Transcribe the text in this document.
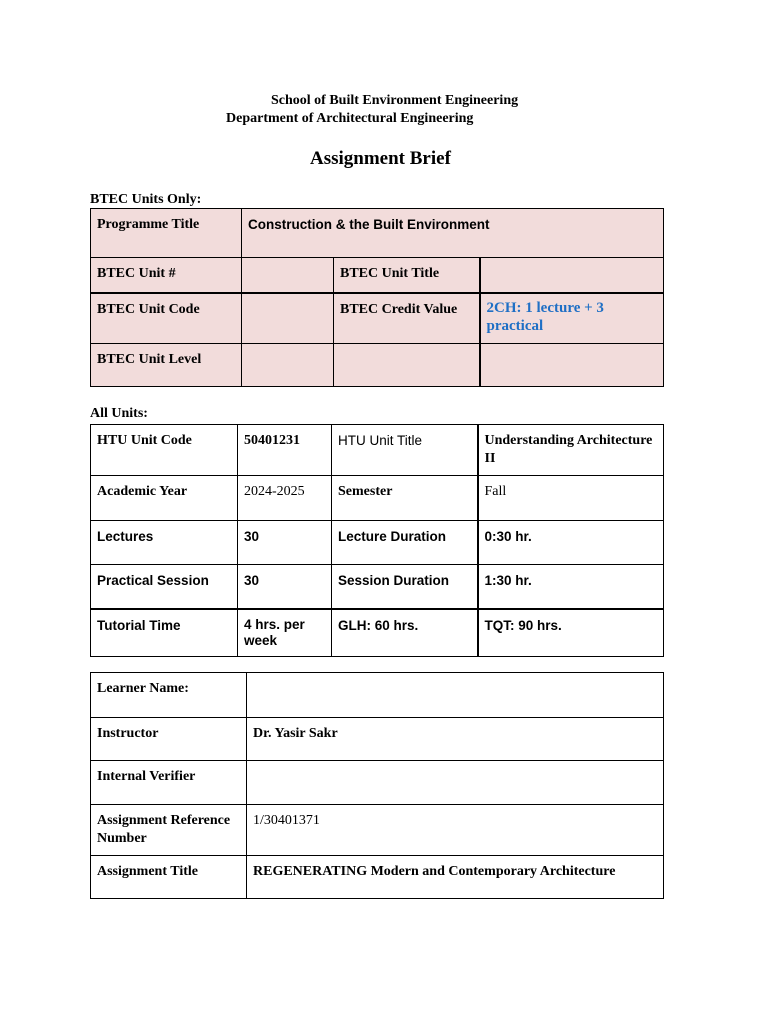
School of Built Environment Engineering
Department of Architectural Engineering
Assignment Brief
BTEC Units Only:
Programme Title	Construction & the Built Environment		
BTEC Unit #		BTEC Unit Title	
BTEC Unit Code		BTEC Credit Value	2CH: 1 lecture + 3 practical
BTEC Unit Level			
All Units:
HTU Unit Code	50401231	HTU Unit Title	Understanding Architecture II
Academic Year	2024-2025	Semester	Fall
Lectures	30	Lecture Duration	0:30 hr.
Practical Session	30	Session Duration	1:30 hr.
Tutorial Time	4 hrs. per week	GLH: 60 hrs.	TQT: 90 hrs.
Learner Name:	
Instructor	Dr. Yasir Sakr
Internal Verifier	
Assignment Reference Number	1/30401371
Assignment Title	REGENERATING Modern and Contemporary Architecture
